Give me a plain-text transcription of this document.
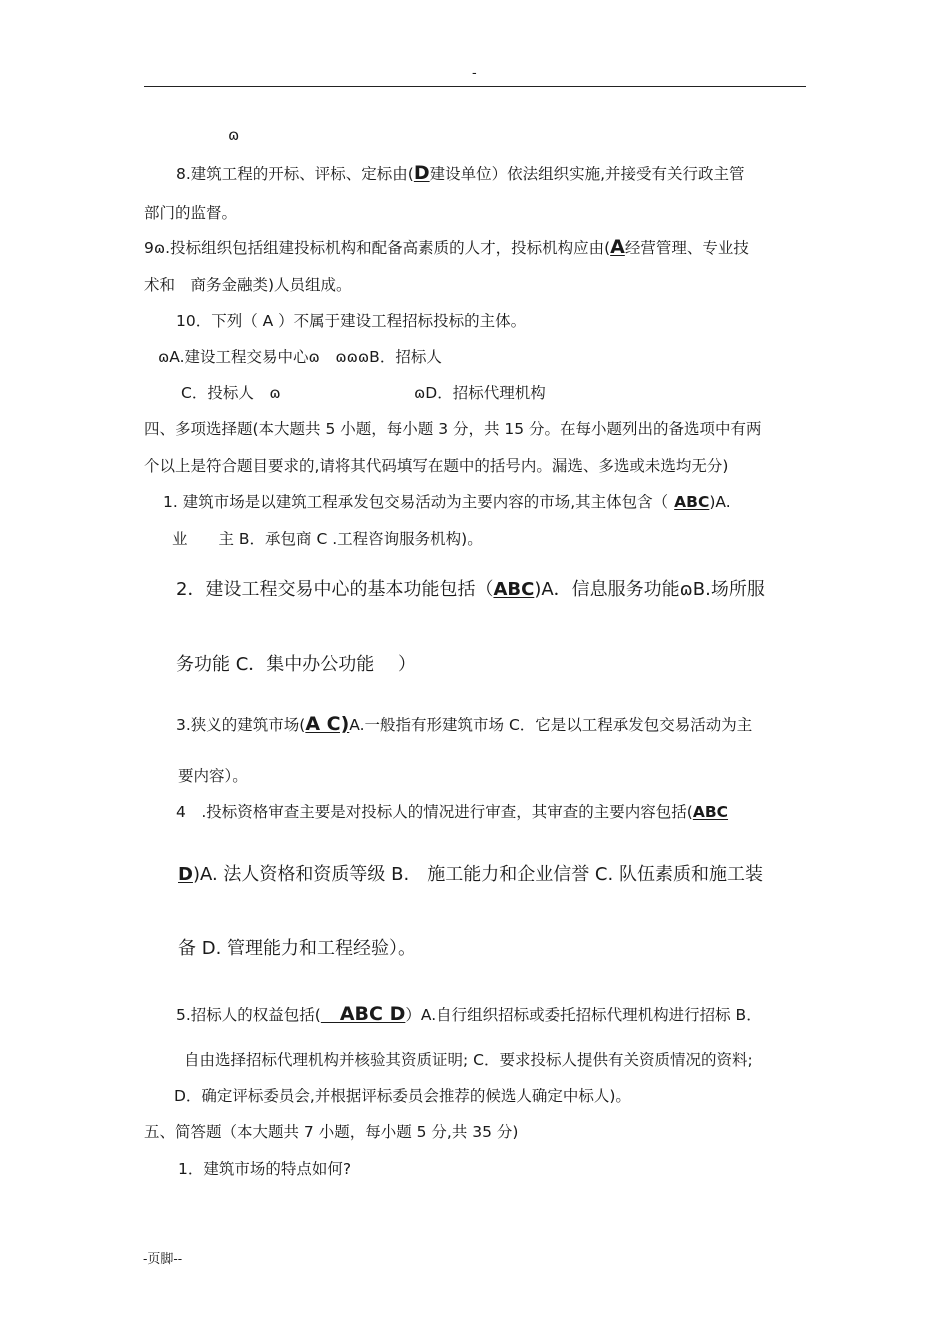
-
ɷ
8.建筑工程的开标、评标、定标由(D建设单位）依法组织实施,并接受有关行政主管
部门的监督。
9ɷ.投标组织包括组建投标机构和配备高素质的人才，投标机构应由(A经营管理、专业技
术和　商务金融类)人员组成。
10．下列（ A ）不属于建设工程招标投标的主体。
ɷA.建设工程交易中心ɷ　ɷɷɷB．招标人
C．投标人　ɷ	ɷD．招标代理机构
四、多项选择题(本大题共 5 小题，每小题 3 分，共 15 分。在每小题列出的备选项中有两
个以上是符合题目要求的,请将其代码填写在题中的括号内。漏选、多选或未选均无分)
1. 建筑市场是以建筑工程承发包交易活动为主要内容的市场,其主体包含（ ABC)A.
业　　主 B．承包商 C .工程咨询服务机构)。
2．建设工程交易中心的基本功能包括（ABC)A．信息服务功能ɷB.场所服
务功能 C．集中办公功能　 ）
3.狭义的建筑市场(A C)A.一般指有形建筑市场 C．它是以工程承发包交易活动为主
要内容）。
4　.投标资格审查主要是对投标人的情况进行审查，其审查的主要内容包括(ABC
D)A. 法人资格和资质等级 B.　施工能力和企业信誉 C. 队伍素质和施工装
备 D. 管理能力和工程经验）。
5.招标人的权益包括(　ABC D）A.自行组织招标或委托招标代理机构进行招标 B．
自由选择招标代理机构并核验其资质证明; C．要求投标人提供有关资质情况的资料;
D．确定评标委员会,并根据评标委员会推荐的候选人确定中标人)。
五、简答题（本大题共 7 小题，每小题 5 分,共 35 分)
1．建筑市场的特点如何?
-页脚--
